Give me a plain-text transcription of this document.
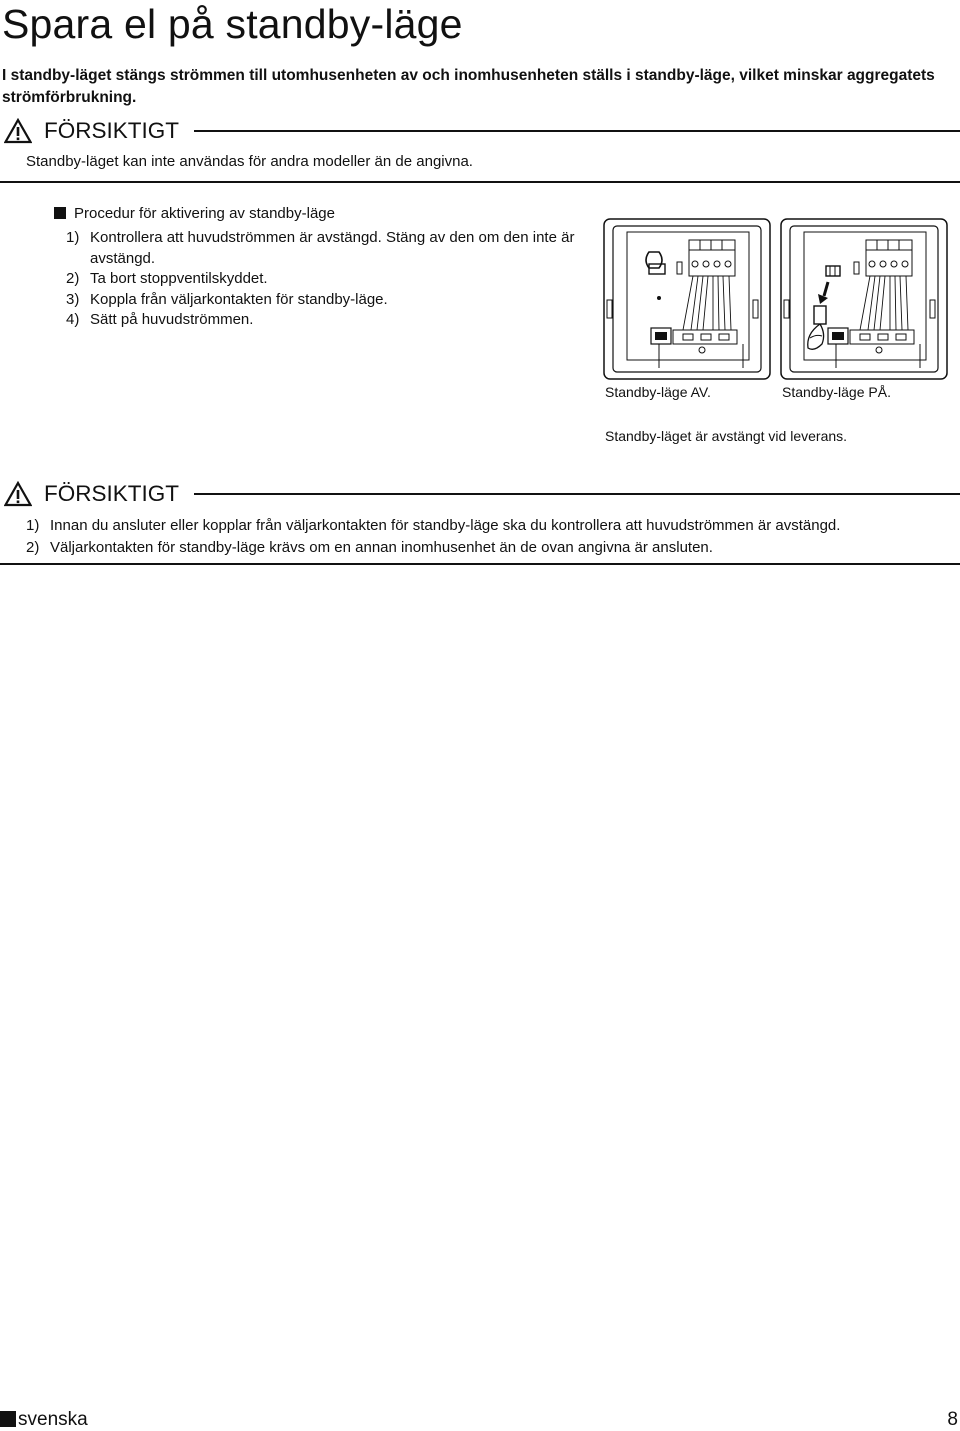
Spara el på standby-läge
I standby-läget stängs strömmen till utomhusenheten av och inomhusenheten ställs i standby-läge, vilket minskar aggregatets strömförbrukning.
FÖRSIKTIGT
Standby-läget kan inte användas för andra modeller än de angivna.
Procedur för aktivering av standby-läge
1) Kontrollera att huvudströmmen är avstängd. Stäng av den om den inte är avstängd.
2) Ta bort stoppventilskyddet.
3) Koppla från väljarkontakten för standby-läge.
4) Sätt på huvudströmmen.
Standby-läge AV.	Standby-läge PÅ.
Standby-läget är avstängt vid leverans.
FÖRSIKTIGT
1) Innan du ansluter eller kopplar från väljarkontakten för standby-läge ska du kontrollera att huvudströmmen är avstängd.
2) Väljarkontakten för standby-läge krävs om en annan inomhusenhet än de ovan angivna är ansluten.
svenska	8
